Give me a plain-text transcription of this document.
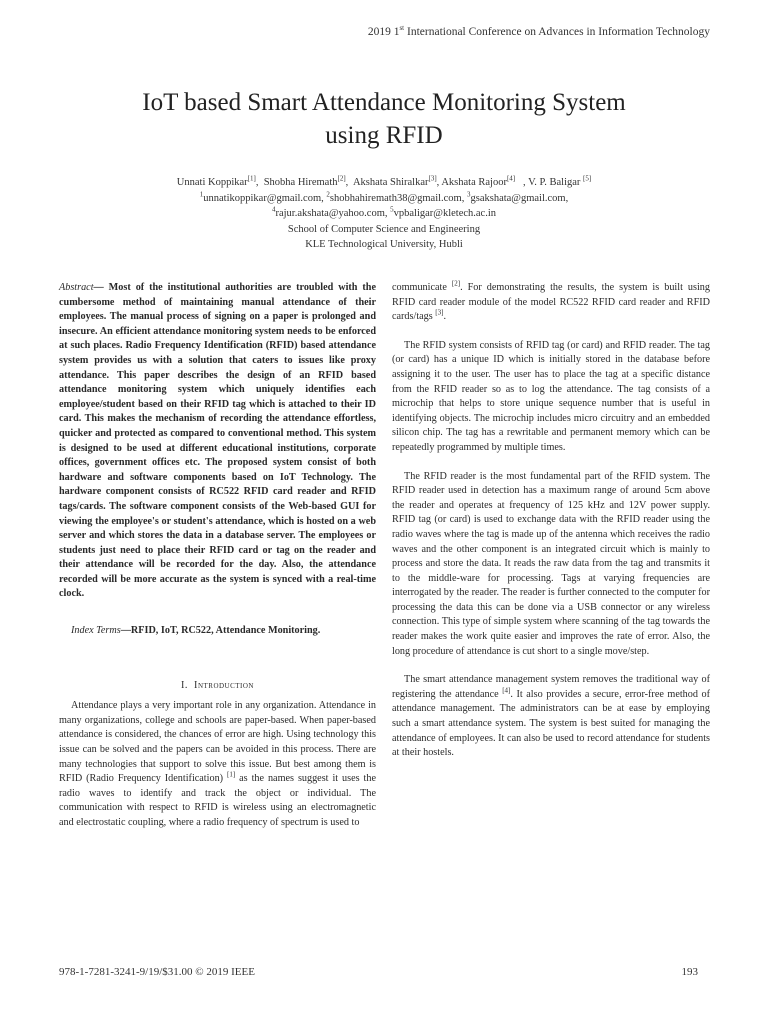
2019 1st International Conference on Advances in Information Technology
IoT based Smart Attendance Monitoring System
using RFID
Unnati Koppikar[1],  Shobha Hiremath[2],  Akshata Shiralkar[3], Akshata Rajoor[4]   , V. P. Baligar [5]
$^1$unnatikoppikar@gmail.com, $^2$shobhahiremath38@gmail.com, $^3$gsakshata@gmail.com,
$^4$rajur.akshata@yahoo.com, $^5$vpbaligar@kletech.ac.in
School of Computer Science and Engineering
KLE Technological University, Hubli

Abstract— Most of the institutional authorities are troubled with the cumbersome method of maintaining manual attendance of their employees. The manual process of signing on a paper is prolonged and insecure. An efficient attendance monitoring system needs to be enforced at such places. Radio Frequency Identification (RFID) based attendance system provides us with a solution that caters to issues like proxy attendance. This paper describes the design of an RFID based attendance monitoring system which uniquely identifies each employee/student based on their RFID tag which is attached to their ID card. This makes the mechanism of recording the attendance effortless, quicker and protected as compared to conventional method. This system is designed to be used at different educational institutions, corporate offices, government offices etc. The proposed system consist of both hardware and software components based on IoT Technology. The hardware component consists of RC522 RFID card reader and RFID tags/cards. The software component consists of the Web-based GUI for viewing the employee's or student's attendance, which is hosted on a web server and which stores the data in a database server. The employees or students just need to place their RFID card or tag on the reader and their attendance will be recorded for the day. Also, the attendance recorded will be more accurate as the system is synced with a real-time clock.

Index Terms—RFID, IoT, RC522, Attendance Monitoring.

I. Introduction

Attendance plays a very important role in any organization. Attendance in many organizations, college and schools are paper-based. When paper-based attendance is considered, the chances of error are high. Using technology this issue can be solved and the papers can be avoided in this process. There are many technologies that support to solve this issue. But best among them is RFID (Radio Frequency Identification) [1] as the names suggest it uses the radio waves to identify and track the object or individual. The communication with respect to RFID is wireless using an electromagnetic and electrostatic coupling, where a radio frequency of spectrum is used to

communicate [2]. For demonstrating the results, the system is built using RFID card reader module of the model RC522 RFID card reader and RFID cards/tags [3].

The RFID system consists of RFID tag (or card) and RFID reader. The tag (or card) has a unique ID which is initially stored in the database before assigning it to the user. The user has to place the tag at a specific distance from the RFID reader so as to log the attendance. The tag consists of a microchip that helps to store unique sequence number that is useful in identifying objects. The microchip includes micro circuitry and an embedded silicon chip. The tag has a rewritable and permanent memory which can be repeatedly programmed by multiple times.

The RFID reader is the most fundamental part of the RFID system. The RFID reader used in detection has a maximum range of around 5cm above the reader and operates at frequency of 125 kHz and 12V power supply. RFID tag (or card) is used to exchange data with the RFID reader using the radio waves where the tag is made up of the antenna which receives the radio waves and the other component is an integrated circuit which is mainly to process and store the data. It reads the raw data from the tag and transmits it to the middle-ware for processing. Tags at varying frequencies are interrogated by the reader. The reader is further connected to the computer for processing the data this can be done via a USB connector or any wireless connection. This type of simple system where scanning of the tag towards the reader makes the work quite easier and improves the rate of error. Also, the long procedure of attendance is cut short to a single move/step.

The smart attendance management system removes the traditional way of registering the attendance [4]. It also provides a secure, error-free method of attendance management. The administrators can be at ease by employing such a smart attendance system. The system is best suited for managing the attendance of employees. It can also be used to record attendance for students at their hostels.

978-1-7281-3241-9/19/$31.00 © 2019 IEEE	193
